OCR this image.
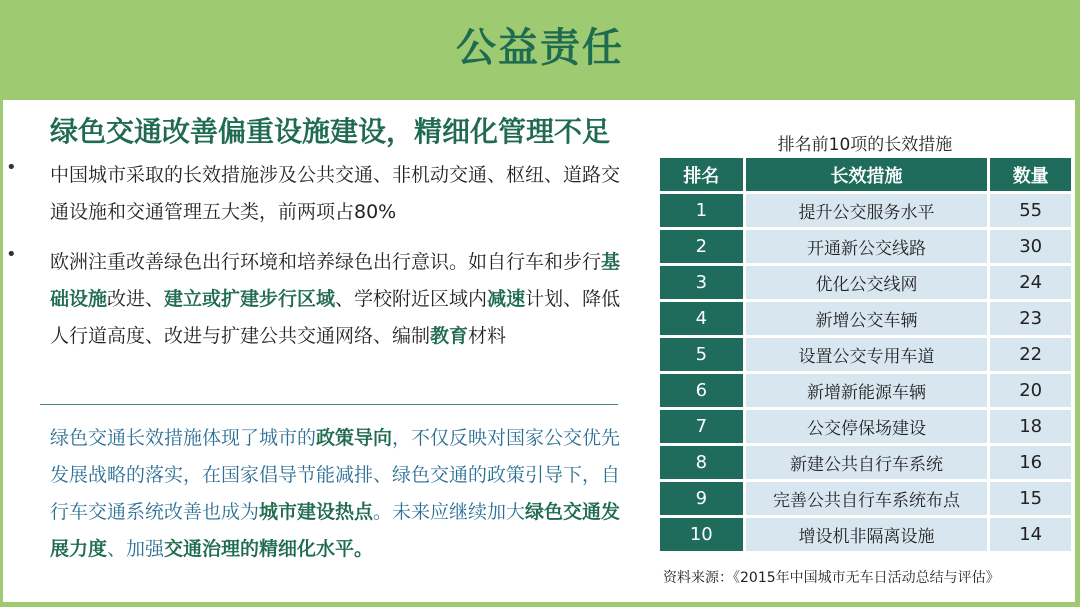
公益责任
绿色交通改善偏重设施建设，精细化管理不足
• 中国城市采取的长效措施涉及公共交通、非机动交通、枢纽、道路交通设施和交通管理五大类，前两项占80%
• 欧洲注重改善绿色出行环境和培养绿色出行意识。如自行车和步行基础设施改进、建立或扩建步行区域、学校附近区域内减速计划、降低人行道高度、改进与扩建公共交通网络、编制教育材料
绿色交通长效措施体现了城市的政策导向，不仅反映对国家公交优先发展战略的落实，在国家倡导节能减排、绿色交通的政策引导下，自行车交通系统改善也成为城市建设热点。未来应继续加大绿色交通发展力度、加强交通治理的精细化水平。
排名前10项的长效措施
排名	长效措施	数量
1	提升公交服务水平	55
2	开通新公交线路	30
3	优化公交线网	24
4	新增公交车辆	23
5	设置公交专用车道	22
6	新增新能源车辆	20
7	公交停保场建设	18
8	新建公共自行车系统	16
9	完善公共自行车系统布点	15
10	增设机非隔离设施	14
资料来源：《2015年中国城市无车日活动总结与评估》
